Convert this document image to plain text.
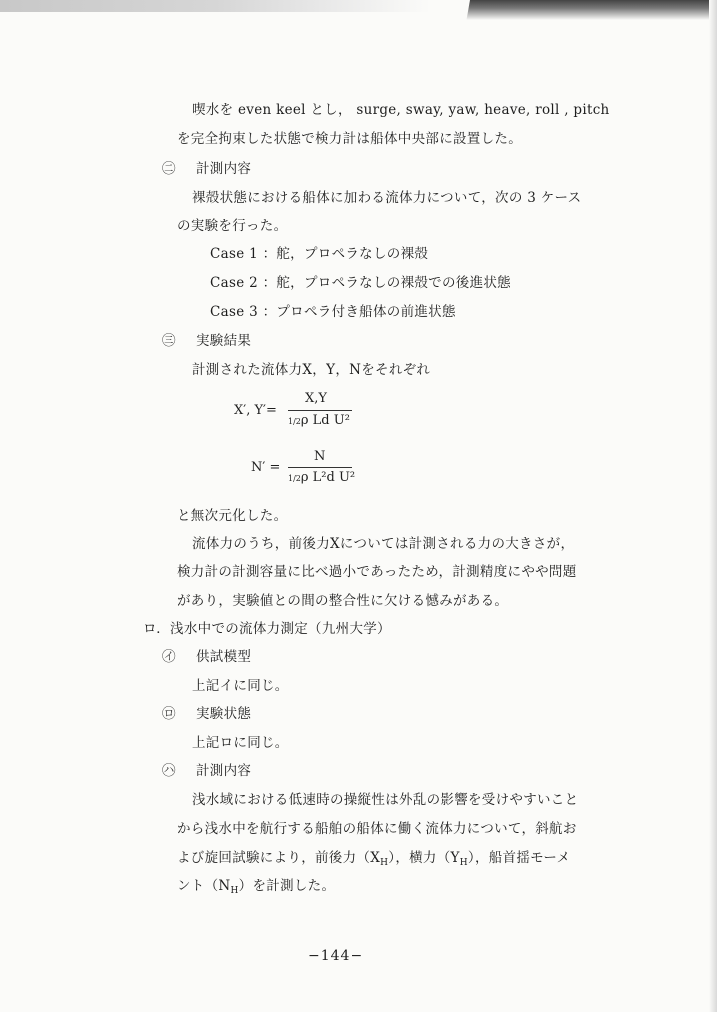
喫水を even keel とし， surge, sway, yaw, heave, roll , pitch
を完全拘束した状態で検力計は船体中央部に設置した。
㊁ 計測内容
裸殻状態における船体に加わる流体力について，次の 3 ケース
の実験を行った。
Case 1 ：舵，プロペラなしの裸殻
Case 2 ：舵，プロペラなしの裸殻での後進状態
Case 3 ：プロペラ付き船体の前進状態
㊂ 実験結果
計測された流体力X，Y，Nをそれぞれ
X′, Y′=
X,Y
1/2ρ Ld U²
N′ =
N
1/2ρ L²d U²
と無次元化した。
流体力のうち，前後力Xについては計測される力の大きさが，
検力計の計測容量に比べ過小であったため，計測精度にやや問題
があり，実験値との間の整合性に欠ける憾みがある。
ロ．浅水中での流体力測定（九州大学）
㋑ 供試模型
上記イに同じ。
㋺ 実験状態
上記ロに同じ。
㋩ 計測内容
浅水域における低速時の操縦性は外乱の影響を受けやすいこと
から浅水中を航行する船舶の船体に働く流体力について，斜航お
よび旋回試験により，前後力$(X_H)$，横力$(Y_H)$，船首揺モーメ
ント$(N_H)$を計測した。
−144−
